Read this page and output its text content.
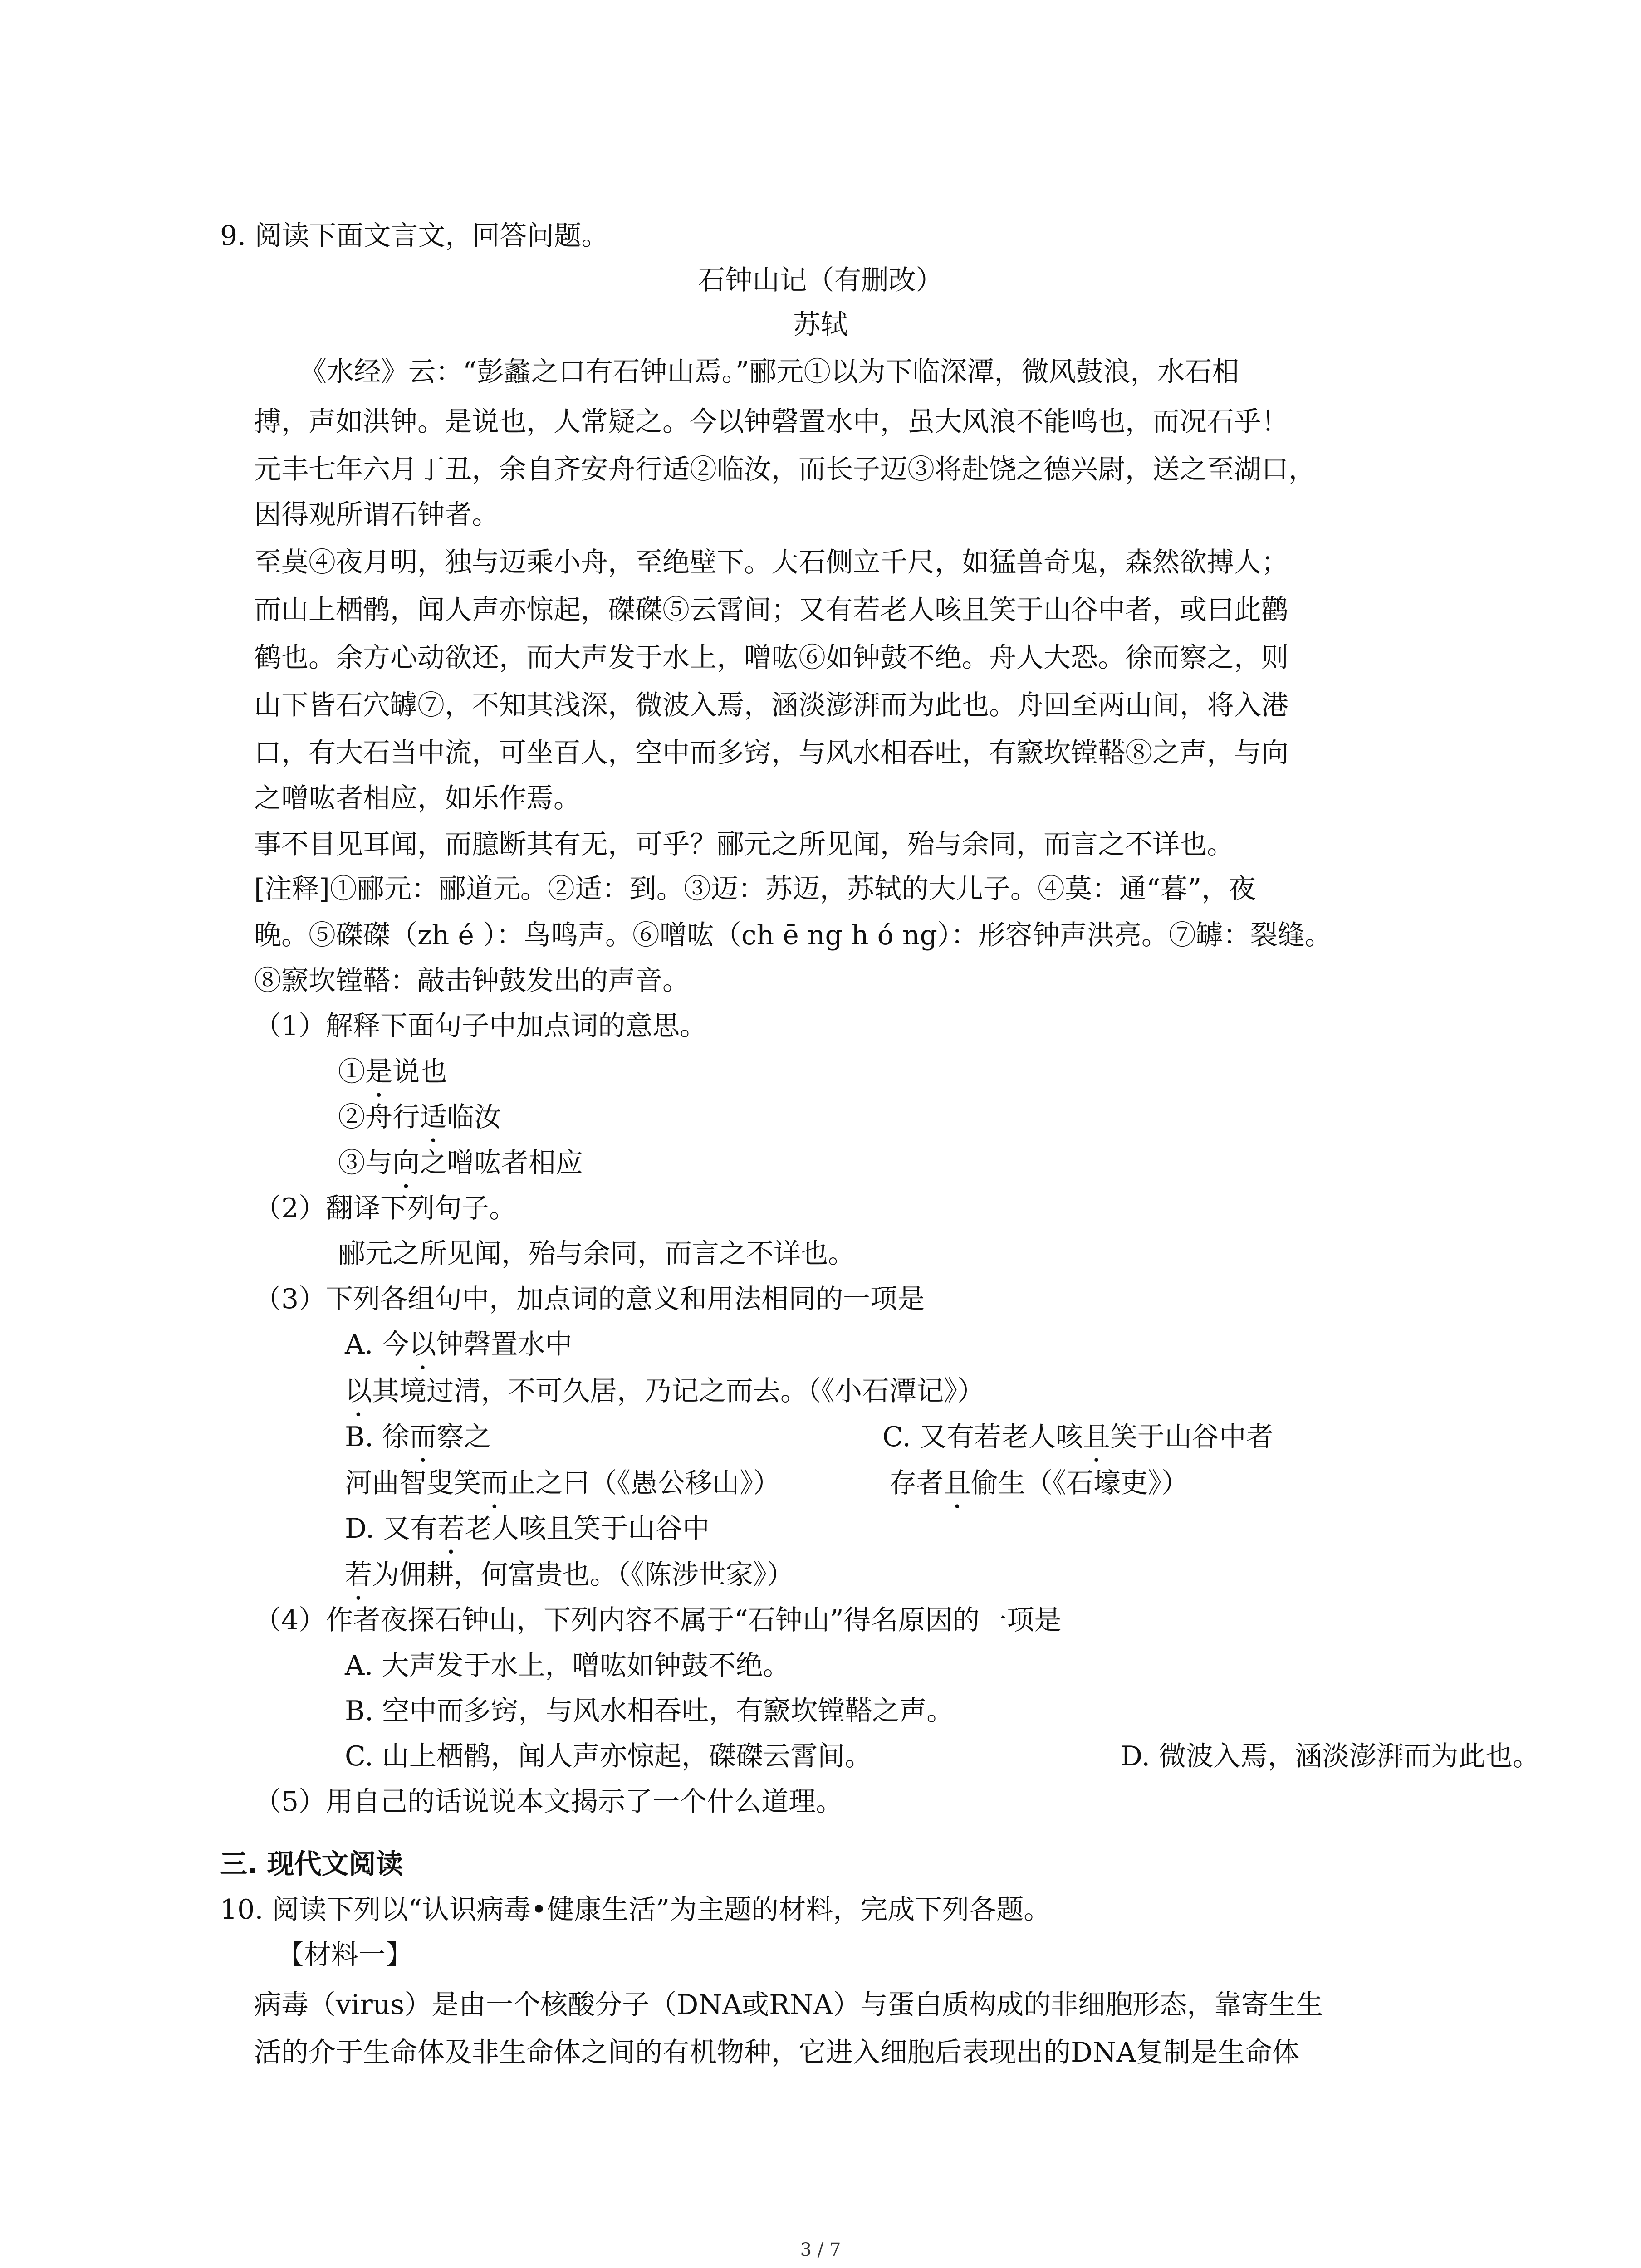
9. 阅读下面文言文，回答问题。
石钟山记（有删改）
苏轼
《水经》云：“彭蠡之口有石钟山焉。”郦元①以为下临深潭，微风鼓浪，水石相
搏，声如洪钟。是说也，人常疑之。今以钟磬置水中，虽大风浪不能鸣也，而况石乎！
元丰七年六月丁丑，余自齐安舟行适②临汝，而长子迈③将赴饶之德兴尉，送之至湖口，
因得观所谓石钟者。
至莫④夜月明，独与迈乘小舟，至绝壁下。大石侧立千尺，如猛兽奇鬼，森然欲搏人；
而山上栖鹘，闻人声亦惊起，磔磔⑤云霄间；又有若老人咳且笑于山谷中者，或曰此鹳
鹤也。余方心动欲还，而大声发于水上，噌吰⑥如钟鼓不绝。舟人大恐。徐而察之，则
山下皆石穴罅⑦，不知其浅深，微波入焉，涵淡澎湃而为此也。舟回至两山间，将入港
口，有大石当中流，可坐百人，空中而多窍，与风水相吞吐，有窾坎镗鞳⑧之声，与向
之噌吰者相应，如乐作焉。
事不目见耳闻，而臆断其有无，可乎？郦元之所见闻，殆与余同，而言之不详也。
[注释]①郦元：郦道元。②适：到。③迈：苏迈，苏轼的大儿子。④莫：通“暮”，夜
晚。⑤磔磔（zh é ）：鸟鸣声。⑥噌吰（ch ē ng h ó ng）：形容钟声洪亮。⑦罅：裂缝。
⑧窾坎镗鞳：敲击钟鼓发出的声音。
（1）解释下面句子中加点词的意思。
①是说也
②舟行适临汝
③与向之噌吰者相应
（2）翻译下列句子。
郦元之所见闻，殆与余同，而言之不详也。
（3）下列各组句中，加点词的意义和用法相同的一项是
A. 今以钟磬置水中
以其境过清，不可久居，乃记之而去。（《小石潭记》）
B. 徐而察之	C. 又有若老人咳且笑于山谷中者
河曲智叟笑而止之曰（《愚公移山》）	存者且偷生（《石壕吏》）
D. 又有若老人咳且笑于山谷中
若为佣耕，何富贵也。（《陈涉世家》）
（4）作者夜探石钟山，下列内容不属于“石钟山”得名原因的一项是
A. 大声发于水上，噌吰如钟鼓不绝。
B. 空中而多窍，与风水相吞吐，有窾坎镗鞳之声。
C. 山上栖鹘，闻人声亦惊起，磔磔云霄间。	D. 微波入焉，涵淡澎湃而为此也。
（5）用自己的话说说本文揭示了一个什么道理。
三. 现代文阅读
10. 阅读下列以“认识病毒•健康生活”为主题的材料，完成下列各题。
【材料一】
病毒（virus）是由一个核酸分子（DNA或RNA）与蛋白质构成的非细胞形态，靠寄生生
活的介于生命体及非生命体之间的有机物种，它进入细胞后表现出的DNA复制是生命体
3 / 7
